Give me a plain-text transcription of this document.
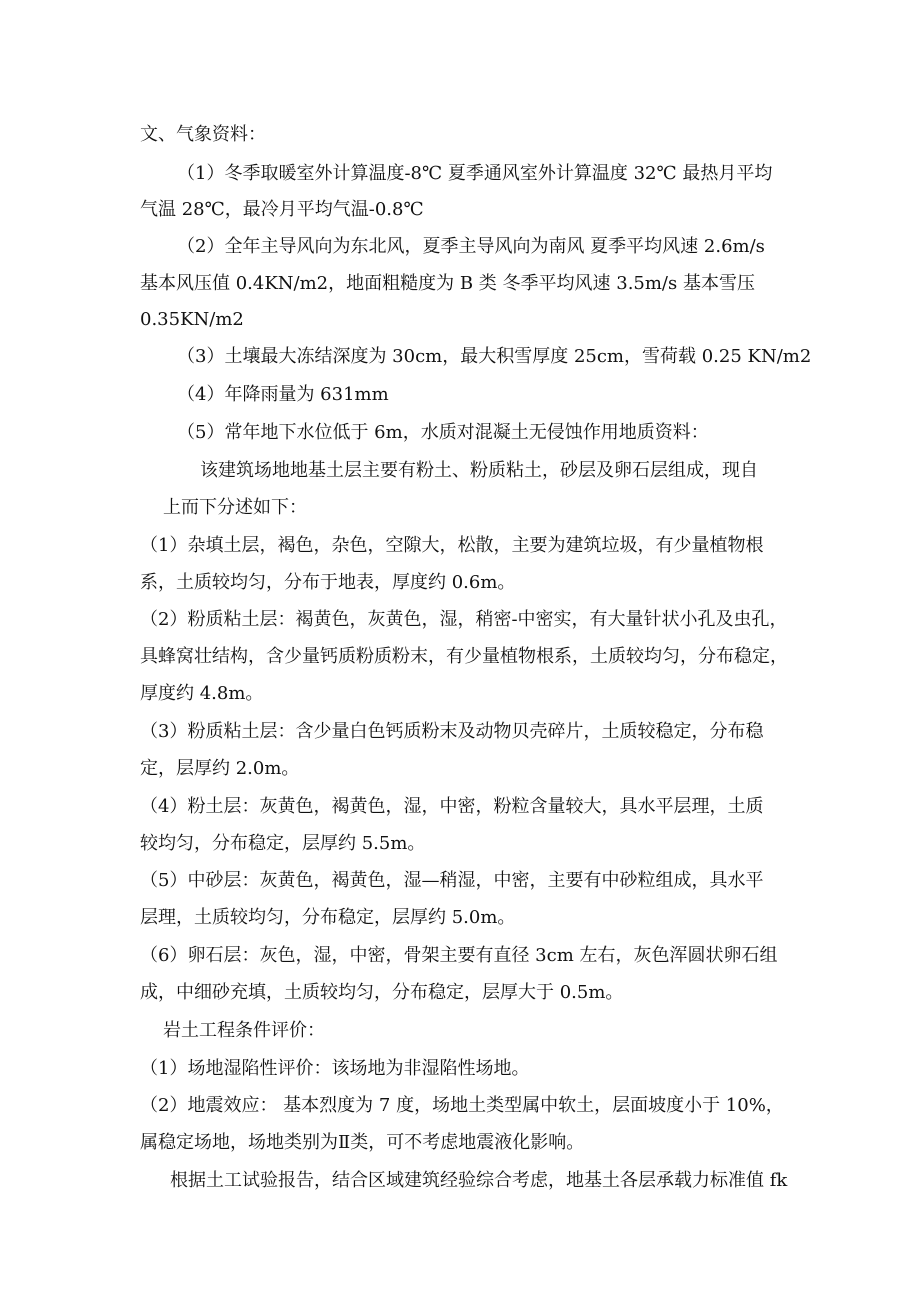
文、气象资料：

（1）冬季取暖室外计算温度-8℃ 夏季通风室外计算温度 32℃ 最热月平均

气温 28℃，最冷月平均气温-0.8℃

（2）全年主导风向为东北风，夏季主导风向为南风 夏季平均风速 2.6m/s

基本风压值 0.4KN/m2，地面粗糙度为 B 类 冬季平均风速 3.5m/s 基本雪压

0.35KN/m2

（3）土壤最大冻结深度为 30cm，最大积雪厚度 25cm，雪荷载 0.25 KN/m2

（4）年降雨量为 631mm

（5）常年地下水位低于 6m，水质对混凝土无侵蚀作用地质资料：

该建筑场地地基土层主要有粉土、粉质粘土，砂层及卵石层组成，现自

上而下分述如下：

（1）杂填土层，褐色，杂色，空隙大，松散，主要为建筑垃圾，有少量植物根

系，土质较均匀，分布于地表，厚度约 0.6m。

（2）粉质粘土层：褐黄色，灰黄色，湿，稍密-中密实，有大量针状小孔及虫孔，

具蜂窝壮结构，含少量钙质粉质粉末，有少量植物根系，土质较均匀，分布稳定，

厚度约 4.8m。

（3）粉质粘土层：含少量白色钙质粉末及动物贝壳碎片，土质较稳定，分布稳

定，层厚约 2.0m。

（4）粉土层：灰黄色，褐黄色，湿，中密，粉粒含量较大，具水平层理，土质

较均匀，分布稳定，层厚约 5.5m。

（5）中砂层：灰黄色，褐黄色，湿—稍湿，中密，主要有中砂粒组成，具水平

层理，土质较均匀，分布稳定，层厚约 5.0m。

（6）卵石层：灰色，湿，中密，骨架主要有直径 3cm 左右，灰色浑圆状卵石组

成，中细砂充填，土质较均匀，分布稳定，层厚大于 0.5m。

岩土工程条件评价：

（1）场地湿陷性评价：该场地为非湿陷性场地。

（2）地震效应： 基本烈度为 7 度，场地土类型属中软土，层面坡度小于 10%，

属稳定场地，场地类别为Ⅱ类，可不考虑地震液化影响。

根据土工试验报告，结合区域建筑经验综合考虑，地基土各层承载力标准值 fk
